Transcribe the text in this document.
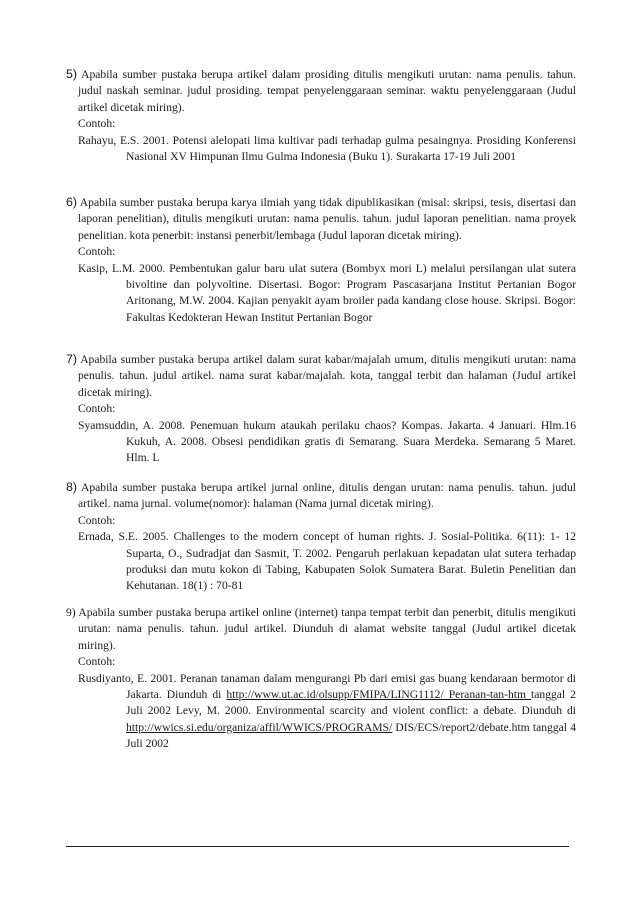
5) Apabila sumber pustaka berupa artikel dalam prosiding ditulis mengikuti urutan: nama penulis. tahun. judul naskah seminar. judul prosiding. tempat penyelenggaraan seminar. waktu penyelenggaraan (Judul artikel dicetak miring).

Contoh:

Rahayu, E.S. 2001. Potensi alelopati lima kultivar padi terhadap gulma pesaingnya. Prosiding Konferensi Nasional XV Himpunan Ilmu Gulma Indonesia (Buku 1). Surakarta 17-19 Juli 2001

6) Apabila sumber pustaka berupa karya ilmiah yang tidak dipublikasikan (misal: skripsi, tesis, disertasi dan laporan penelitian), ditulis mengikuti urutan: nama penulis. tahun. judul laporan penelitian. nama proyek penelitian. kota penerbit: instansi penerbit/lembaga (Judul laporan dicetak miring).

Contoh:

Kasip, L.M. 2000. Pembentukan galur baru ulat sutera (Bombyx mori L) melalui persilangan ulat sutera bivoltine dan polyvoltine. Disertasi. Bogor: Program Pascasarjana Institut Pertanian Bogor Aritonang, M.W. 2004. Kajian penyakit ayam broiler pada kandang close house. Skripsi. Bogor: Fakultas Kedokteran Hewan Institut Pertanian Bogor

7) Apabila sumber pustaka berupa artikel dalam surat kabar/majalah umum, ditulis mengikuti urutan: nama penulis. tahun. judul artikel. nama surat kabar/majalah. kota, tanggal terbit dan halaman (Judul artikel dicetak miring).

Contoh:

Syamsuddin, A. 2008. Penemuan hukum ataukah perilaku chaos? Kompas. Jakarta. 4 Januari. Hlm.16 Kukuh, A. 2008. Obsesi pendidikan gratis di Semarang. Suara Merdeka. Semarang 5 Maret. Hlm. L

8) Apabila sumber pustaka berupa artikel jurnal online, ditulis dengan urutan: nama penulis. tahun. judul artikel. nama jurnal. volume(nomor): halaman (Nama jurnal dicetak miring).

Contoh:

Ernada, S.E. 2005. Challenges to the modern concept of human rights. J. Sosial-Politika. 6(11): 1- 12 Suparta, O., Sudradjat dan Sasmit, T. 2002. Pengaruh perlakuan kepadatan ulat sutera terhadap produksi dan mutu kokon di Tabing, Kabupaten Solok Sumatera Barat. Buletin Penelitian dan Kehutanan. 18(1) : 70-81

9) Apabila sumber pustaka berupa artikel online (internet) tanpa tempat terbit dan penerbit, ditulis mengikuti urutan: nama penulis. tahun. judul artikel. Diunduh di alamat website tanggal (Judul artikel dicetak miring).

Contoh:

Rusdiyanto, E. 2001. Peranan tanaman dalam mengurangi Pb dari emisi gas buang kendaraan bermotor di Jakarta. Diunduh di http://www.ut.ac.id/olsupp/FMIPA/LING1112/ Peranan-tan-htm tanggal 2 Juli 2002 Levy, M. 2000. Environmental scarcity and violent conflict: a debate. Diunduh di http://wwics.si.edu/organiza/affil/WWICS/PROGRAMS/ DIS/ECS/report2/debate.htm tanggal 4 Juli 2002
